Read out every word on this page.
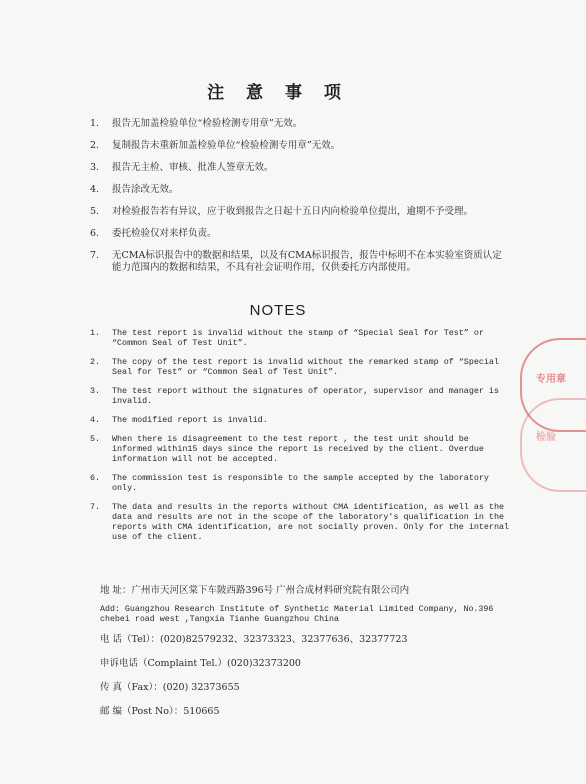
注 意 事 项
1. 报告无加盖检验单位“检验检测专用章”无效。
2. 复制报告未重新加盖检验单位“检验检测专用章”无效。
3. 报告无主检、审核、批准人签章无效。
4. 报告涂改无效。
5. 对检验报告若有异议，应于收到报告之日起十五日内向检验单位提出，逾期不予受理。
6. 委托检验仅对来样负责。
7. 无CMA标识报告中的数据和结果，以及有CMA标识报告，报告中标明不在本实验室资质认定能力范围内的数据和结果，不具有社会证明作用，仅供委托方内部使用。
NOTES
1. The test report is invalid without the stamp of “Special Seal for Test” or “Common Seal of Test Unit”.
2. The copy of the test report is invalid without the remarked stamp of “Special Seal for Test” or “Common Seal of Test Unit”.
3. The test report without the signatures of operator, supervisor and manager is invalid.
4. The modified report is invalid.
5. When there is disagreement to the test report , the test unit should be informed within15 days since the report is received by the client. Overdue information will not be accepted.
6. The commission test is responsible to the sample accepted by the laboratory only.
7. The data and results in the reports without CMA identification, as well as the data and results are not in the scope of the laboratory's qualification in the reports with CMA identification, are not socially proven. Only for the internal use of the client.

地 址：广州市天河区棠下车陂西路396号 广州合成材料研究院有限公司内

Add: Guangzhou Research Institute of Synthetic Material Limited Company, No.396

chebei road west ,Tangxia Tianhe Guangzhou China

电 话（Tel）：(020)82579232、32373323、32377636、32377723

申诉电话（Complaint Tel.）(020)32373200

传 真（Fax）：(020) 32373655

邮 编（Post No）：510665

专用章
检验
